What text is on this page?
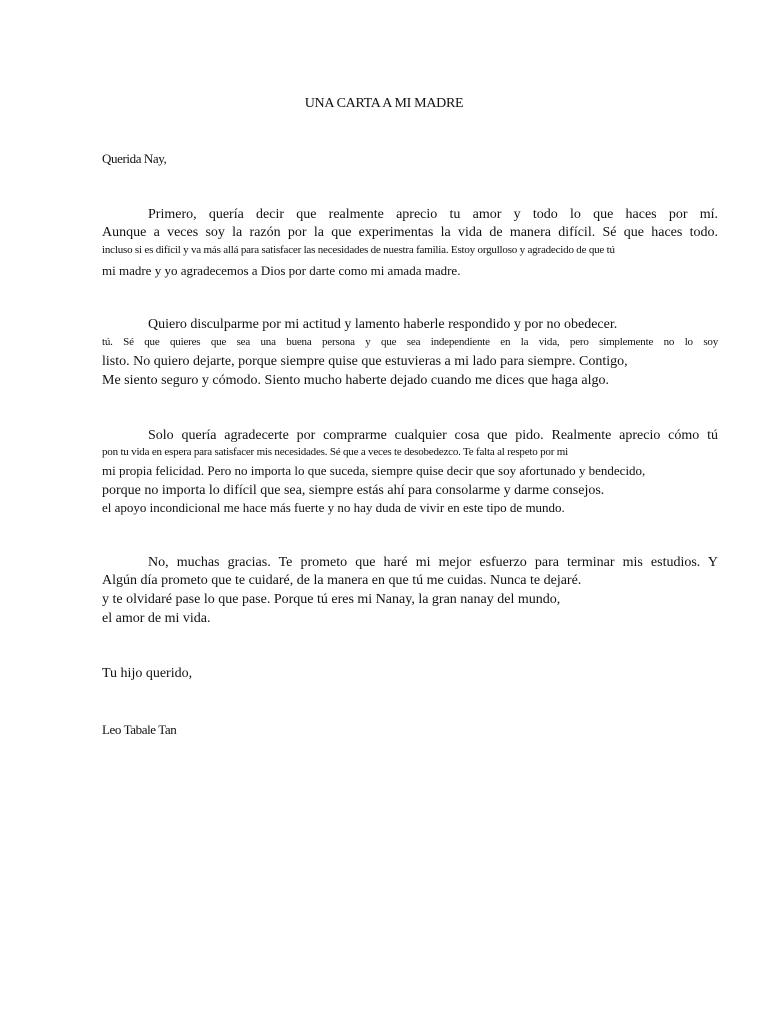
UNA CARTA A MI MADRE
Querida Nay,
Primero, quería decir que realmente aprecio tu amor y todo lo que haces por mí.
Aunque a veces soy la razón por la que experimentas la vida de manera difícil. Sé que haces todo.
incluso si es difícil y va más allá para satisfacer las necesidades de nuestra familia. Estoy orgulloso y agradecido de que tú
mi madre y yo agradecemos a Dios por darte como mi amada madre.
Quiero disculparme por mi actitud y lamento haberle respondido y por no obedecer.
tú. Sé que quieres que sea una buena persona y que sea independiente en la vida, pero simplemente no lo soy
listo. No quiero dejarte, porque siempre quise que estuvieras a mi lado para siempre. Contigo,
Me siento seguro y cómodo. Siento mucho haberte dejado cuando me dices que haga algo.
Solo quería agradecerte por comprarme cualquier cosa que pido. Realmente aprecio cómo tú
pon tu vida en espera para satisfacer mis necesidades. Sé que a veces te desobedezco. Te falta al respeto por mi
mi propia felicidad. Pero no importa lo que suceda, siempre quise decir que soy afortunado y bendecido,
porque no importa lo difícil que sea, siempre estás ahí para consolarme y darme consejos.
el apoyo incondicional me hace más fuerte y no hay duda de vivir en este tipo de mundo.
No, muchas gracias. Te prometo que haré mi mejor esfuerzo para terminar mis estudios. Y
Algún día prometo que te cuidaré, de la manera en que tú me cuidas. Nunca te dejaré.
y te olvidaré pase lo que pase. Porque tú eres mi Nanay, la gran nanay del mundo,
el amor de mi vida.
Tu hijo querido,
Leo Tabale Tan
